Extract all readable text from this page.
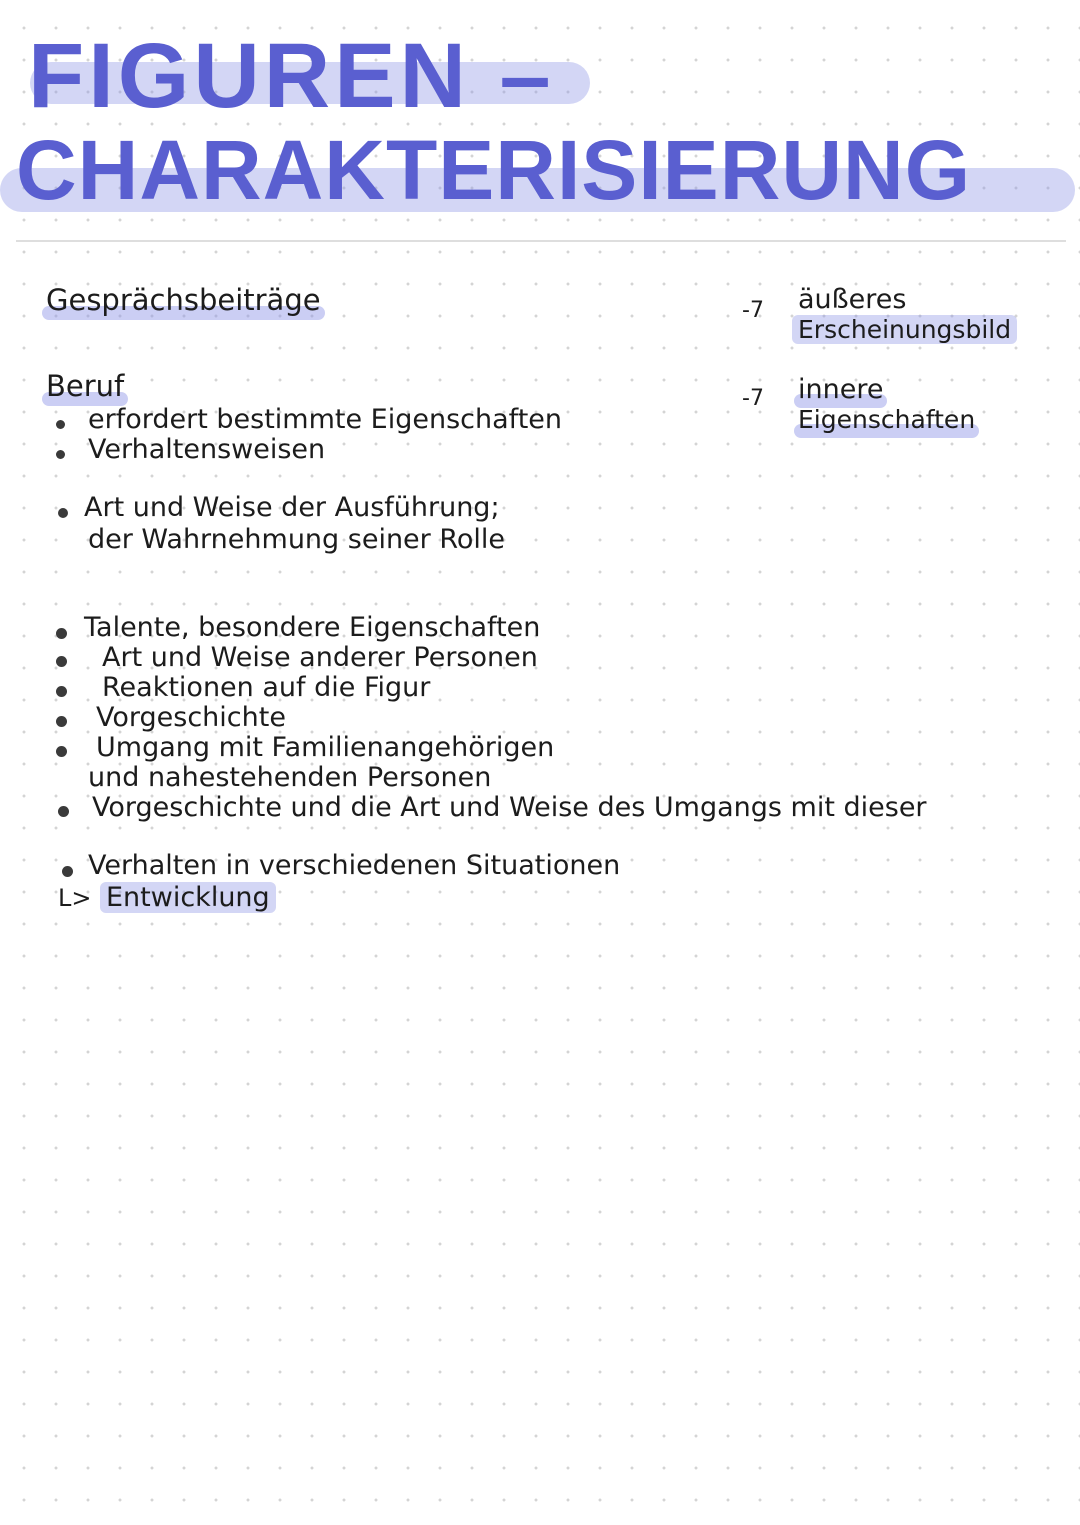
FIGUREN –
CHARAKTERISIERUNG

Gesprächsbeiträge	-7 äußeres

Erscheinungsbild

-7 innere

Eigenschaften

Beruf

erfordert bestimmte Eigenschaften

Verhaltensweisen

Art und Weise der Ausführung;

der Wahrnehmung seiner Rolle

Talente, besondere Eigenschaften

Art und Weise anderer Personen

Reaktionen auf die Figur

Vorgeschichte

Umgang mit Familienangehörigen

und nahestehenden Personen

Vorgeschichte und die Art und Weise des Umgangs mit dieser

Verhalten in verschiedenen Situationen

L> Entwicklung
